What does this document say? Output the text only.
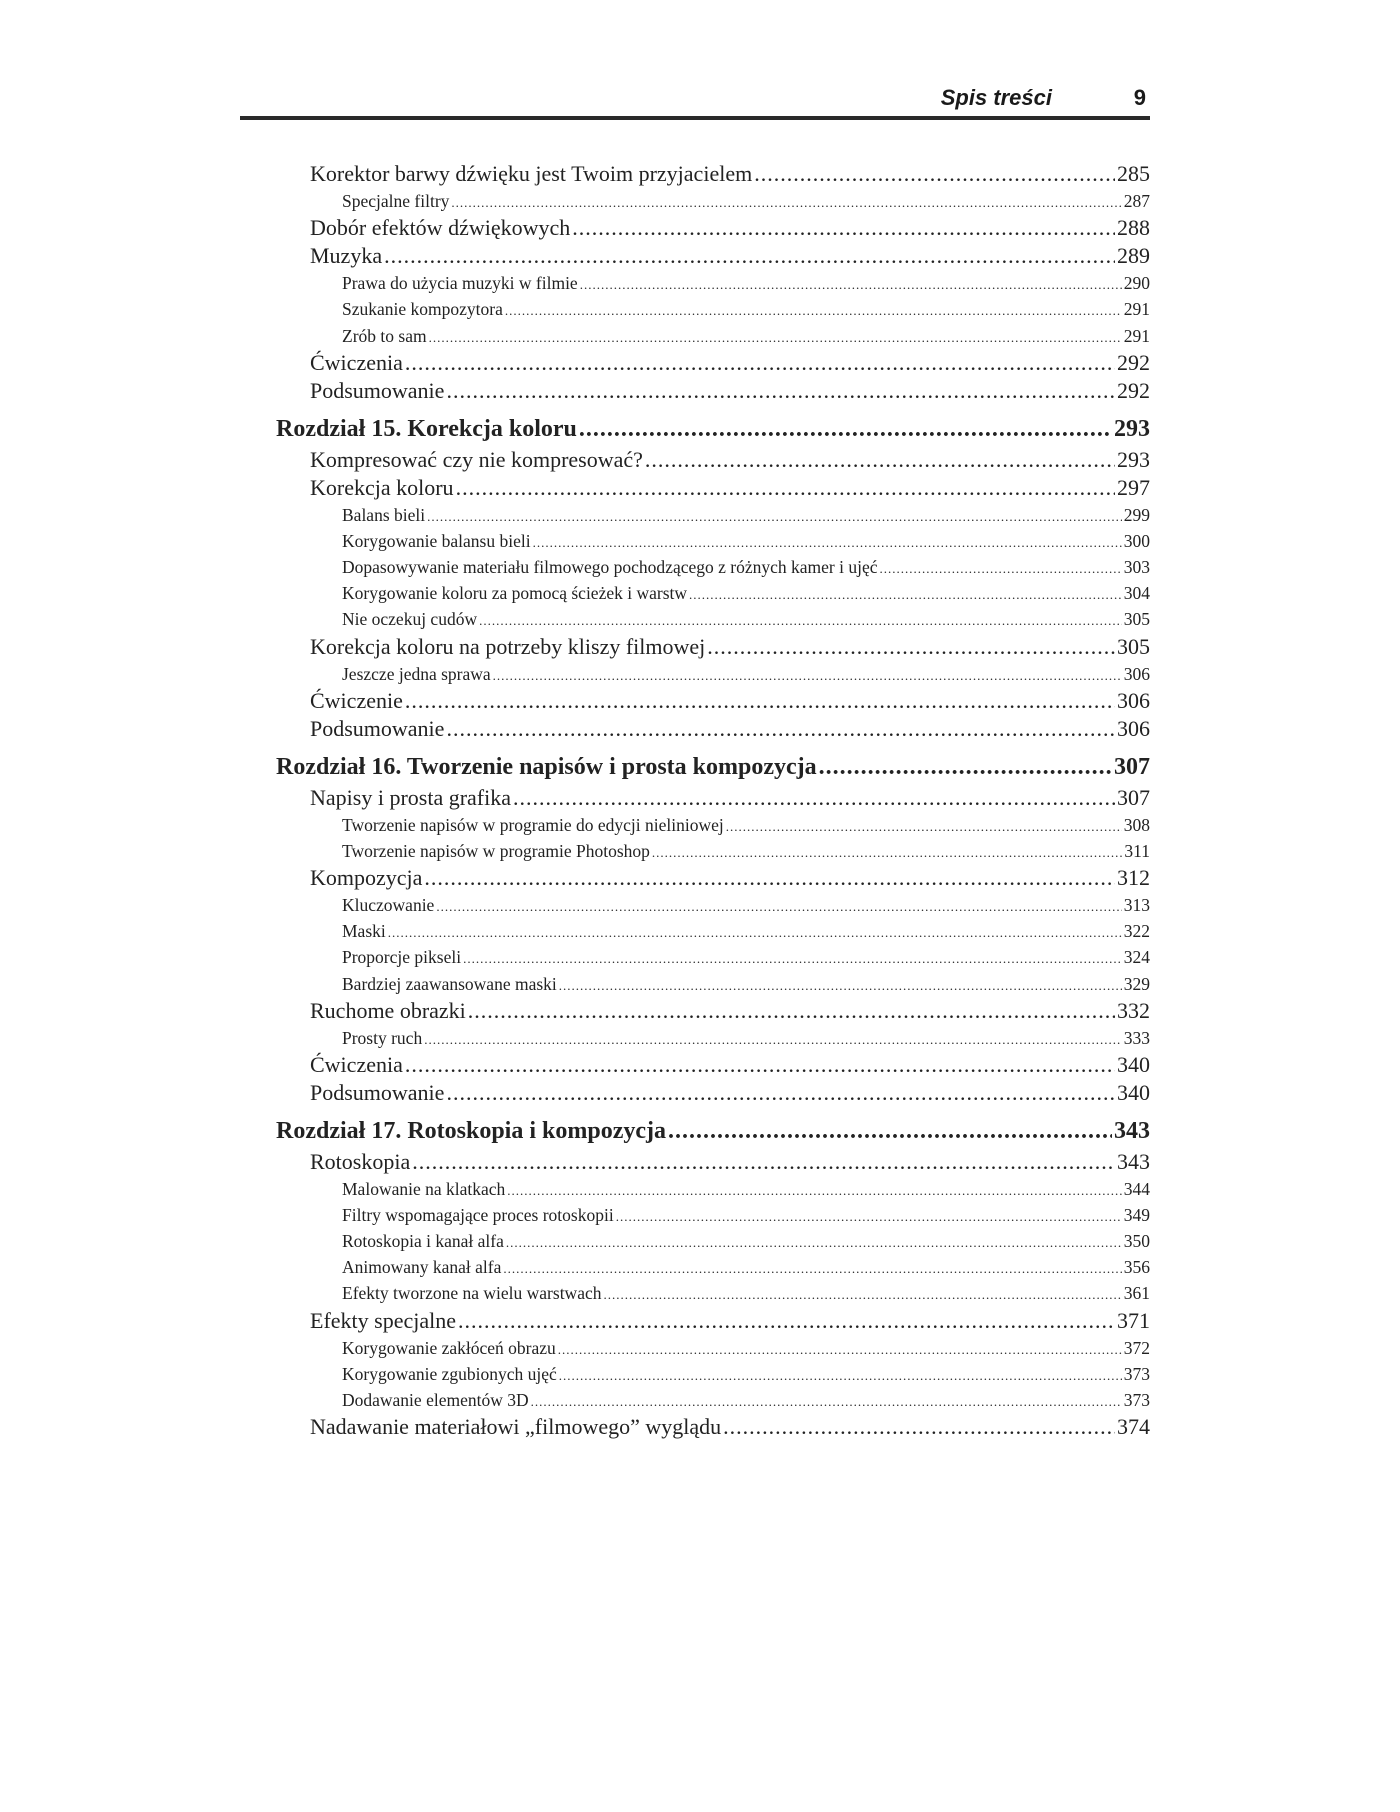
Spis treści	9
Korektor barwy dźwięku jest Twoim przyjacielem .....	285
Specjalne filtry .....	287
Dobór efektów dźwiękowych .....	288
Muzyka .....	289
Prawa do użycia muzyki w filmie .....	290
Szukanie kompozytora .....	291
Zrób to sam .....	291
Ćwiczenia .....	292
Podsumowanie .....	292
Rozdział 15. Korekcja koloru .....	293
Kompresować czy nie kompresować? .....	293
Korekcja koloru .....	297
Balans bieli .....	299
Korygowanie balansu bieli .....	300
Dopasowywanie materiału filmowego pochodzącego z różnych kamer i ujęć .....	303
Korygowanie koloru za pomocą ścieżek i warstw .....	304
Nie oczekuj cudów .....	305
Korekcja koloru na potrzeby kliszy filmowej .....	305
Jeszcze jedna sprawa .....	306
Ćwiczenie .....	306
Podsumowanie .....	306
Rozdział 16. Tworzenie napisów i prosta kompozycja .....	307
Napisy i prosta grafika .....	307
Tworzenie napisów w programie do edycji nieliniowej .....	308
Tworzenie napisów w programie Photoshop .....	311
Kompozycja .....	312
Kluczowanie .....	313
Maski .....	322
Proporcje pikseli .....	324
Bardziej zaawansowane maski .....	329
Ruchome obrazki .....	332
Prosty ruch .....	333
Ćwiczenia .....	340
Podsumowanie .....	340
Rozdział 17. Rotoskopia i kompozycja .....	343
Rotoskopia .....	343
Malowanie na klatkach .....	344
Filtry wspomagające proces rotoskopii .....	349
Rotoskopia i kanał alfa .....	350
Animowany kanał alfa .....	356
Efekty tworzone na wielu warstwach .....	361
Efekty specjalne .....	371
Korygowanie zakłóceń obrazu .....	372
Korygowanie zgubionych ujęć .....	373
Dodawanie elementów 3D .....	373
Nadawanie materiałowi „filmowego” wyglądu .....	374
